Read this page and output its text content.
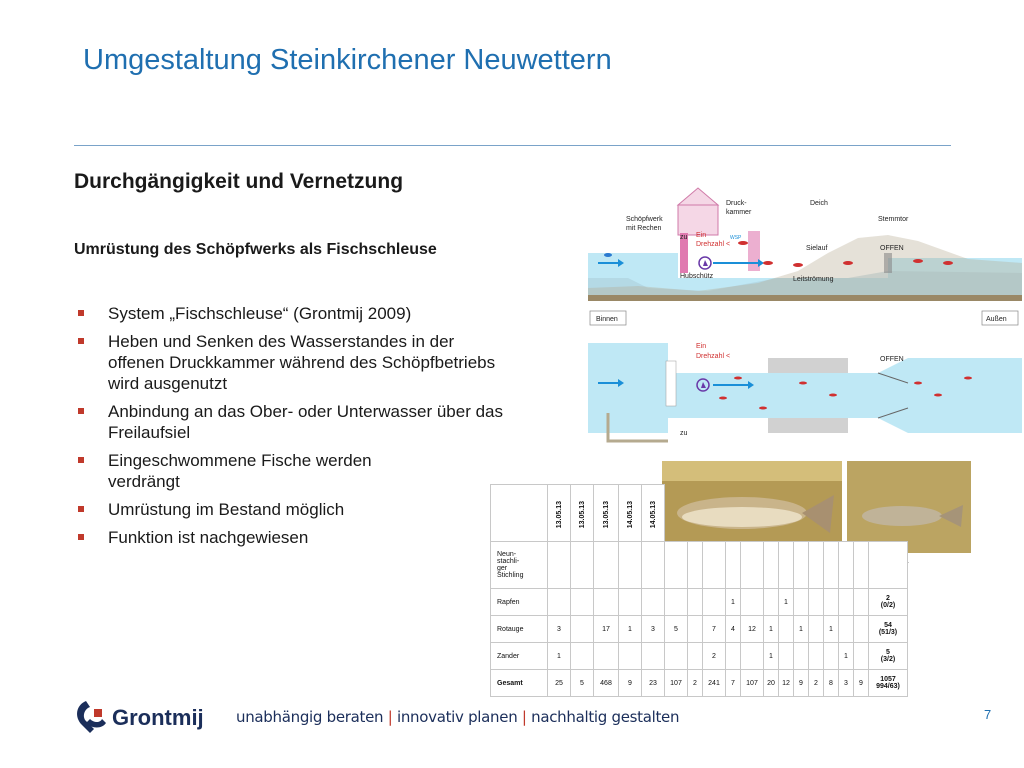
Umgestaltung Steinkirchener Neuwettern
Durchgängigkeit und Vernetzung
Umrüstung des Schöpfwerks als Fischschleuse
System „Fischschleuse“ (Grontmij 2009)
Heben und Senken des Wasserstandes in der offenen Druckkammer während des Schöpfbetriebs wird ausgenutzt
Anbindung an das Ober- oder Unterwasser über das Freilaufsiel
Eingeschwommene Fische werden verdrängt
Umrüstung im Bestand möglich
Funktion ist nachgewiesen
Schöpfwerk
mit Rechen
Druck-
kammer
Deich
Stemmtor
zu Ein
Drehzahl <
WSP
Sielauf	OFFEN
Hubschütz	Leitströmung
Binnen	Außen
Ein
Drehzahl <	OFFEN
zu

	13.05.13	13.05.13	13.05.13	14.05.13	14.05.13
Neun-
stachli-
ger
Stichling																		
Rapfen									1			1						2
(0/2)
Rotauge	3		17	1	3	5		7	4	12	1		1		1			54
(51/3)
Zander	1							2			1					1		5
(3/2)
Gesamt	25	5	468	9	23	107	2	241	7	107	20	12	9	2	8	3	9	1057
994/63)
Grontmij unabhängig beraten | innovativ planen | nachhaltig gestalten	7
